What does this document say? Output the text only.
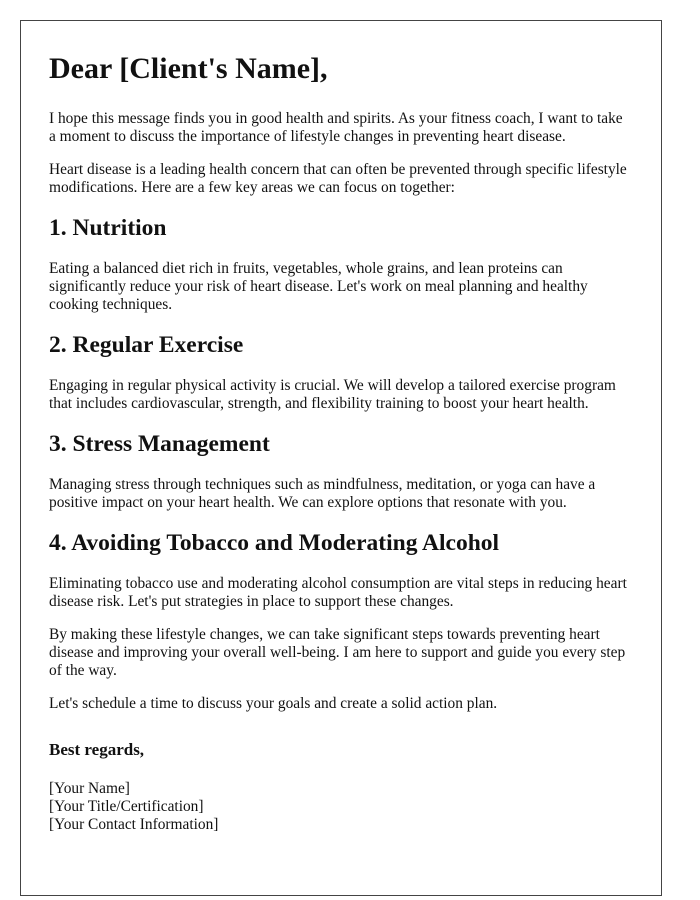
Dear [Client's Name],

I hope this message finds you in good health and spirits. As your fitness coach, I want to take a moment to discuss the importance of lifestyle changes in preventing heart disease.

Heart disease is a leading health concern that can often be prevented through specific lifestyle modifications. Here are a few key areas we can focus on together:

1. Nutrition

Eating a balanced diet rich in fruits, vegetables, whole grains, and lean proteins can significantly reduce your risk of heart disease. Let's work on meal planning and healthy cooking techniques.

2. Regular Exercise

Engaging in regular physical activity is crucial. We will develop a tailored exercise program that includes cardiovascular, strength, and flexibility training to boost your heart health.

3. Stress Management

Managing stress through techniques such as mindfulness, meditation, or yoga can have a positive impact on your heart health. We can explore options that resonate with you.

4. Avoiding Tobacco and Moderating Alcohol

Eliminating tobacco use and moderating alcohol consumption are vital steps in reducing heart disease risk. Let's put strategies in place to support these changes.

By making these lifestyle changes, we can take significant steps towards preventing heart disease and improving your overall well-being. I am here to support and guide you every step of the way.

Let's schedule a time to discuss your goals and create a solid action plan.

Best regards,

[Your Name]

[Your Title/Certification]

[Your Contact Information]
